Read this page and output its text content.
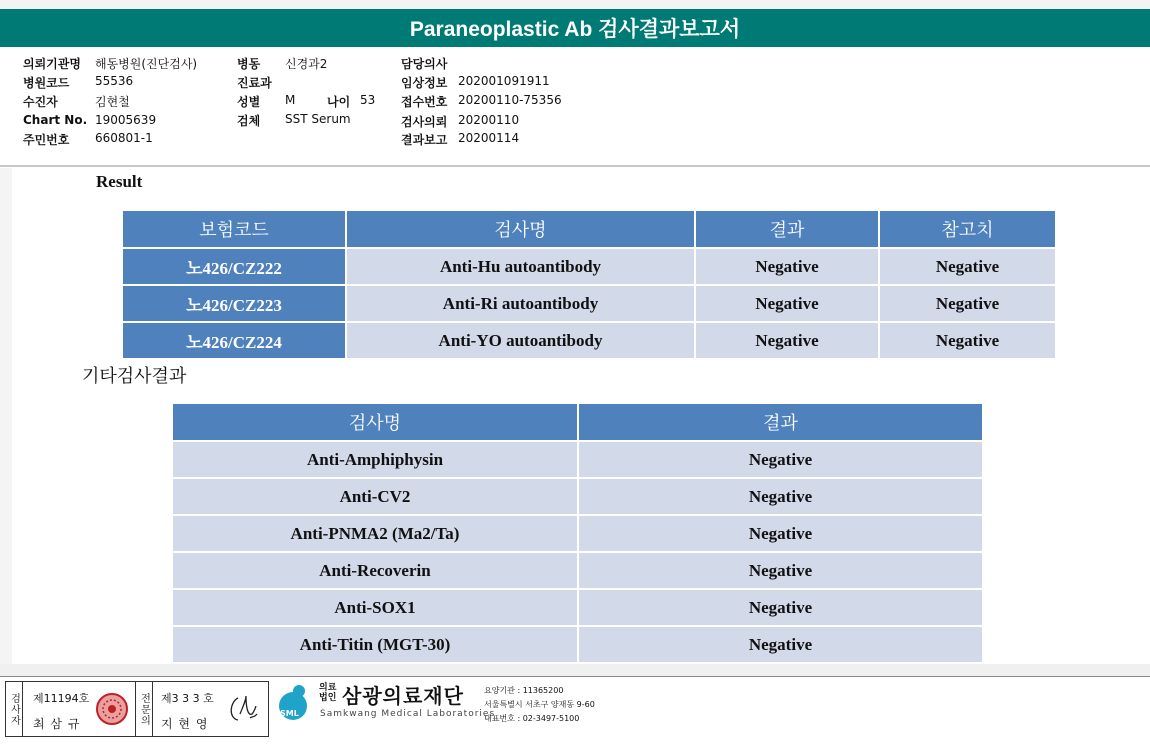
Paraneoplastic Ab 검사결과보고서
의뢰기관명 해동병원(진단검사)
병원코드 55536
수진자	김현철
Chart No. 19005639
주민번호 660801-1
병동 신경과2
진료과
성별 M	나이 53
검체 SST Serum
담당의사
임상정보 202001091911
접수번호 20200110-75356
검사의뢰 20200110
결과보고 20200114
Result
보험코드	검사명	결과	참고치
노426/CZ222	Anti-Hu autoantibody	Negative	Negative
노426/CZ223	Anti-Ri autoantibody	Negative	Negative
노426/CZ224	Anti-YO autoantibody	Negative	Negative
기타검사결과
검사명	결과
Anti-Amphiphysin	Negative
Anti-CV2	Negative
Anti-PNMA2 (Ma2/Ta)	Negative
Anti-Recoverin	Negative
Anti-SOX1	Negative
Anti-Titin (MGT-30)	Negative
검사자 제11194호
최 삼 규	전문의 제3 3 3 호
지 현 영
SML
의료법인 삼광의료재단
Samkwang Medical Laboratories
요양기관 : 11365200
서울특별시 서초구 양재동 9-60
대표번호 : 02-3497-5100
